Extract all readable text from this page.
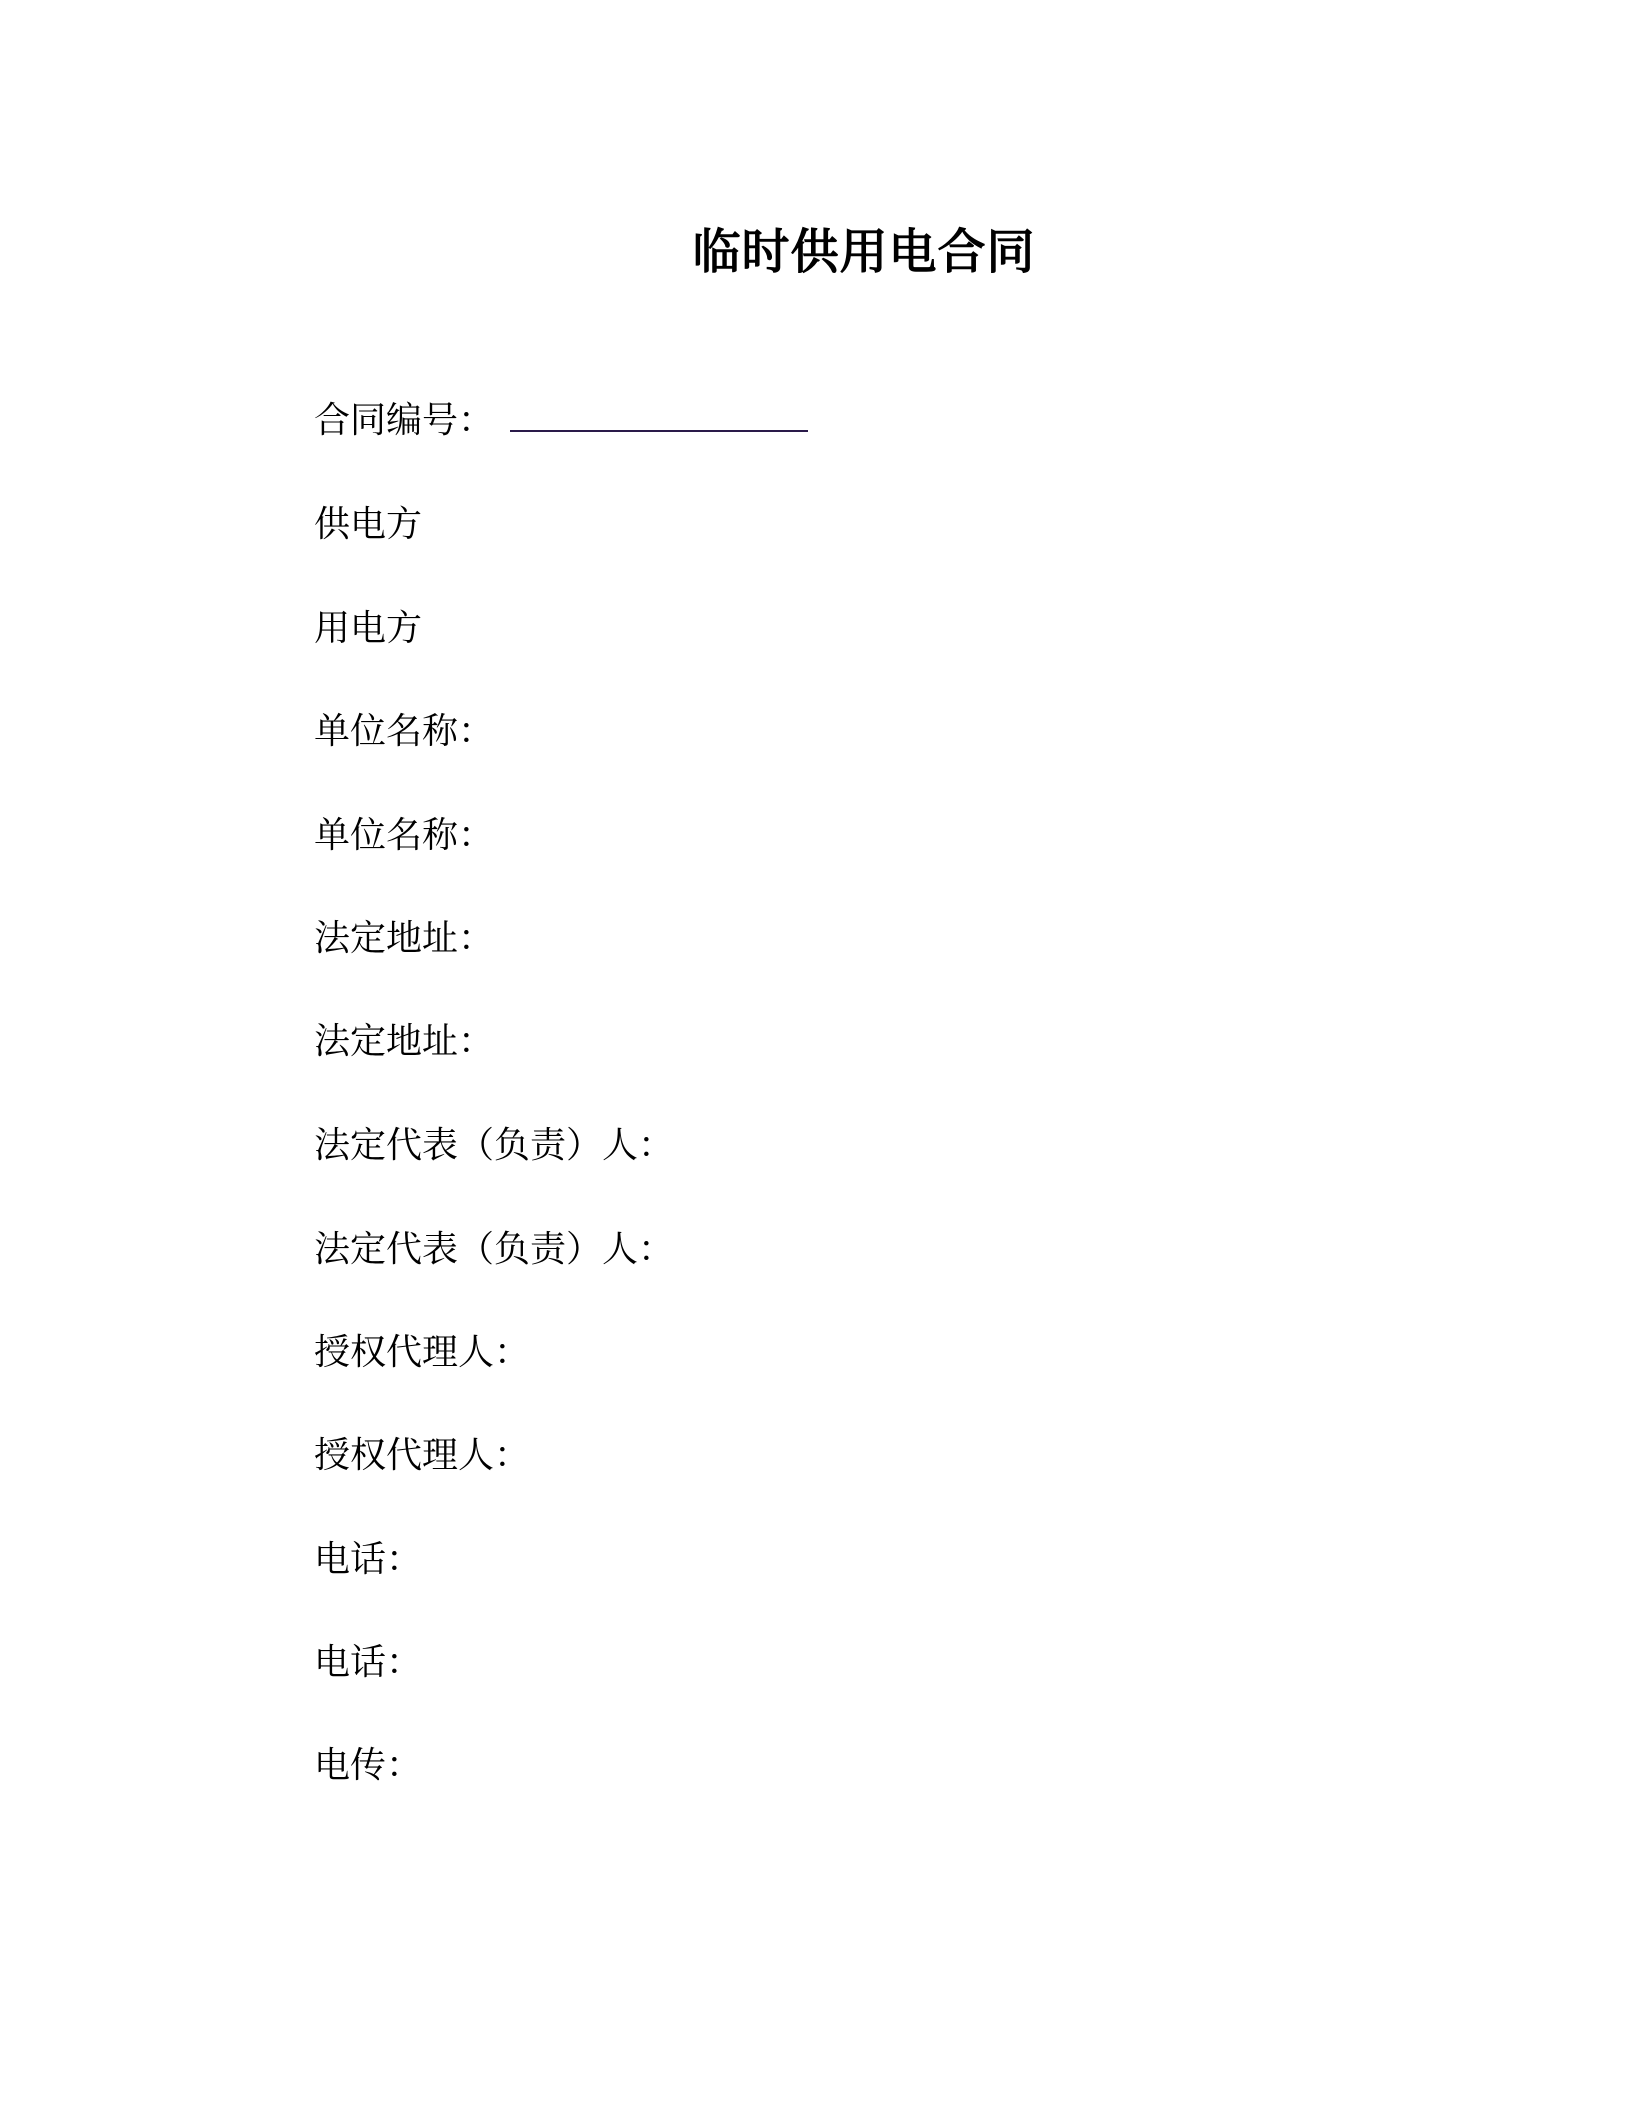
临时供用电合同
合同编号：
供电方
用电方
单位名称：
单位名称：
法定地址：
法定地址：
法定代表（负责）人：
法定代表（负责）人：
授权代理人：
授权代理人：
电话：
电话：
电传：
